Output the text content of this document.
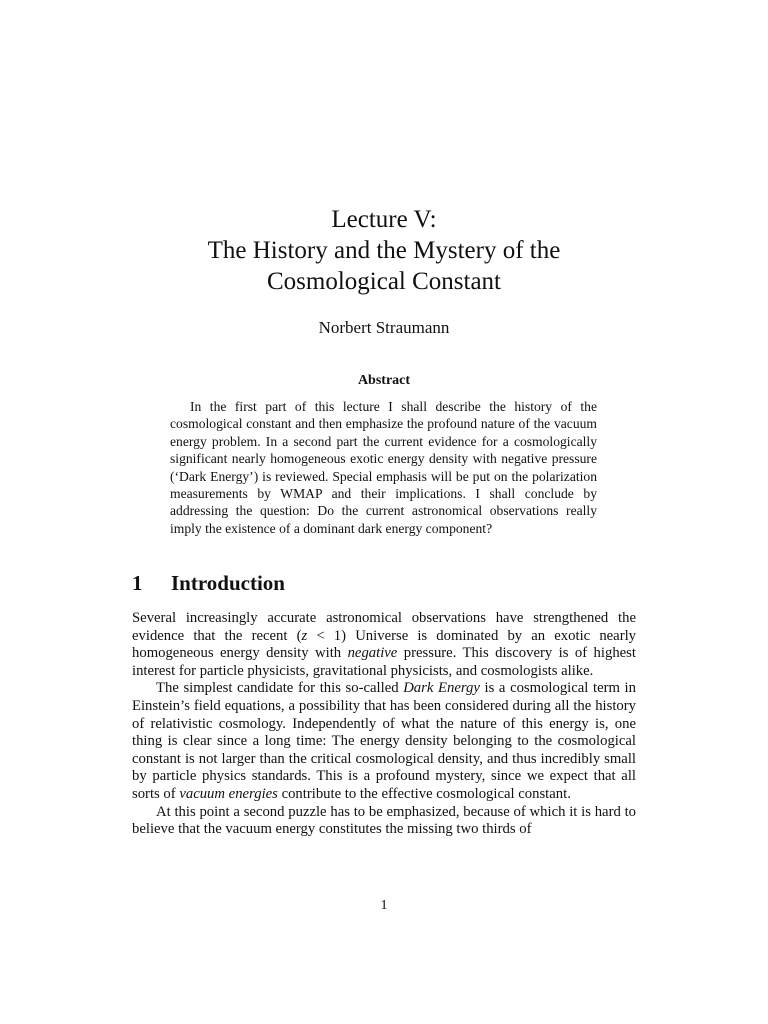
Lecture V:
The History and the Mystery of the
Cosmological Constant
Norbert Straumann
Abstract

In the first part of this lecture I shall describe the history of the cosmological constant and then emphasize the profound nature of the vacuum energy problem. In a second part the current evidence for a cosmologically significant nearly homogeneous exotic energy density with negative pressure (‘Dark Energy’) is reviewed. Special emphasis will be put on the polarization measurements by WMAP and their implications. I shall conclude by addressing the question: Do the current astronomical observations really imply the existence of a dominant dark energy component?

1 Introduction

Several increasingly accurate astronomical observations have strengthened the evidence that the recent (z < 1) Universe is dominated by an exotic nearly homogeneous energy density with negative pressure. This discovery is of highest interest for particle physicists, gravitational physicists, and cosmologists alike.

The simplest candidate for this so-called Dark Energy is a cosmological term in Einstein’s field equations, a possibility that has been considered during all the history of relativistic cosmology. Independently of what the nature of this energy is, one thing is clear since a long time: The energy density belonging to the cosmological constant is not larger than the critical cosmological density, and thus incredibly small by particle physics standards. This is a profound mystery, since we expect that all sorts of vacuum energies contribute to the effective cosmological constant.

At this point a second puzzle has to be emphasized, because of which it is hard to believe that the vacuum energy constitutes the missing two thirds of

1
